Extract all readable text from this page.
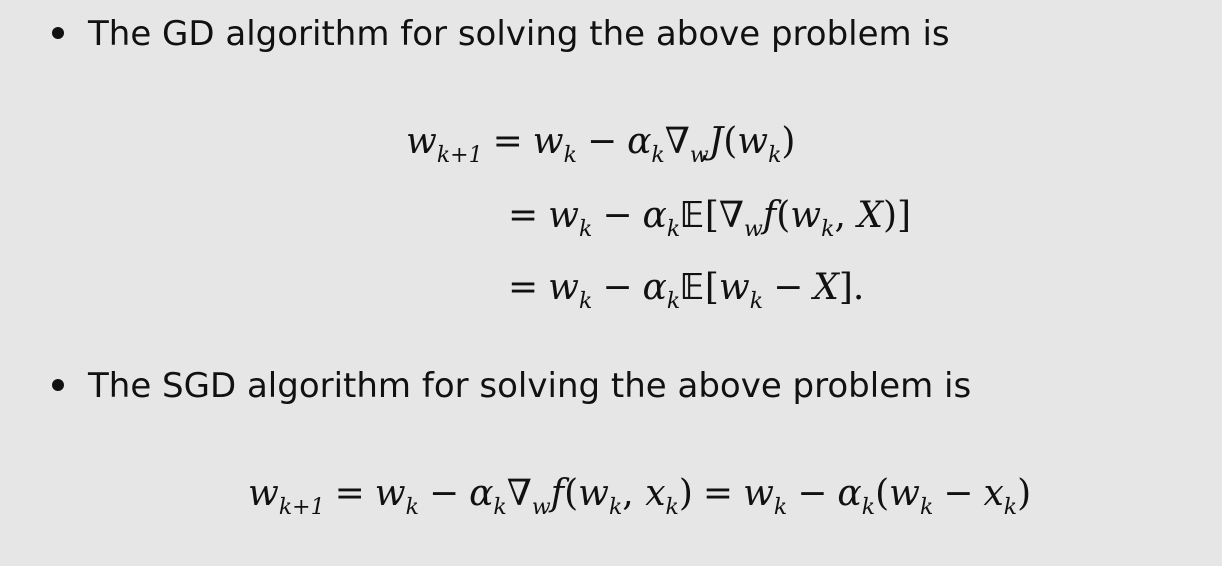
The GD algorithm for solving the above problem is
$w_{k+1} = w_k - \alpha_k\nabla_wJ(w_k)$
= $w_k$ − $\alpha_k𝔼[\nabla_wf(w_k$, X)]
= $w_k$ − $\alpha_k𝔼[w_k - X]$.
The SGD algorithm for solving the above problem is
$w_{k+1} = w_k - \alpha_k\nabla_wf(w_k$, $x_k) = w_k - \alpha_k(w_k - x_k)$
